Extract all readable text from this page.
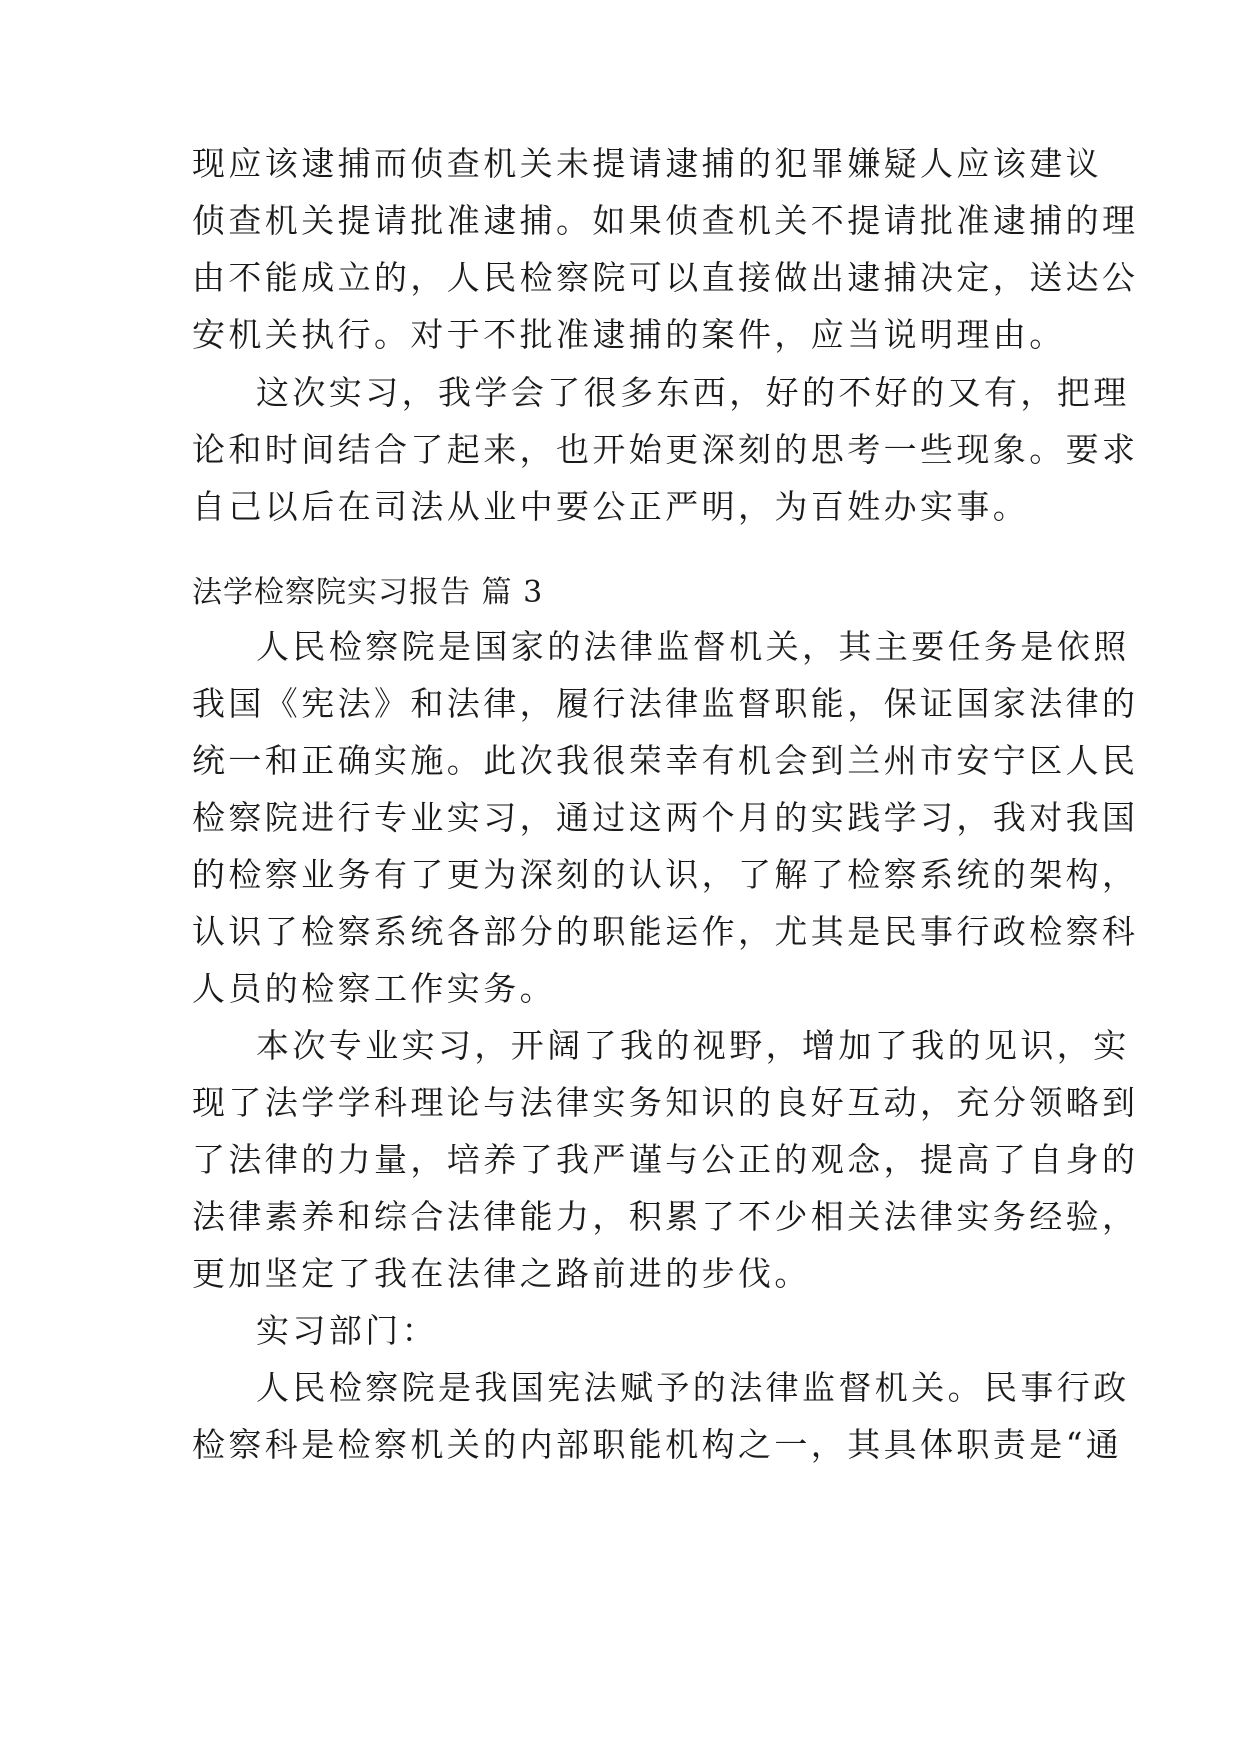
现应该逮捕而侦查机关未提请逮捕的犯罪嫌疑人应该建议
侦查机关提请批准逮捕。如果侦查机关不提请批准逮捕的理
由不能成立的，人民检察院可以直接做出逮捕决定，送达公
安机关执行。对于不批准逮捕的案件，应当说明理由。
这次实习，我学会了很多东西，好的不好的又有，把理
论和时间结合了起来，也开始更深刻的思考一些现象。要求
自己以后在司法从业中要公正严明，为百姓办实事。
法学检察院实习报告 篇 3
人民检察院是国家的法律监督机关，其主要任务是依照
我国《宪法》和法律，履行法律监督职能，保证国家法律的
统一和正确实施。此次我很荣幸有机会到兰州市安宁区人民
检察院进行专业实习，通过这两个月的实践学习，我对我国
的检察业务有了更为深刻的认识，了解了检察系统的架构，
认识了检察系统各部分的职能运作，尤其是民事行政检察科
人员的检察工作实务。
本次专业实习，开阔了我的视野，增加了我的见识，实
现了法学学科理论与法律实务知识的良好互动，充分领略到
了法律的力量，培养了我严谨与公正的观念，提高了自身的
法律素养和综合法律能力，积累了不少相关法律实务经验，
更加坚定了我在法律之路前进的步伐。
实习部门：
人民检察院是我国宪法赋予的法律监督机关。民事行政
检察科是检察机关的内部职能机构之一，其具体职责是“通
